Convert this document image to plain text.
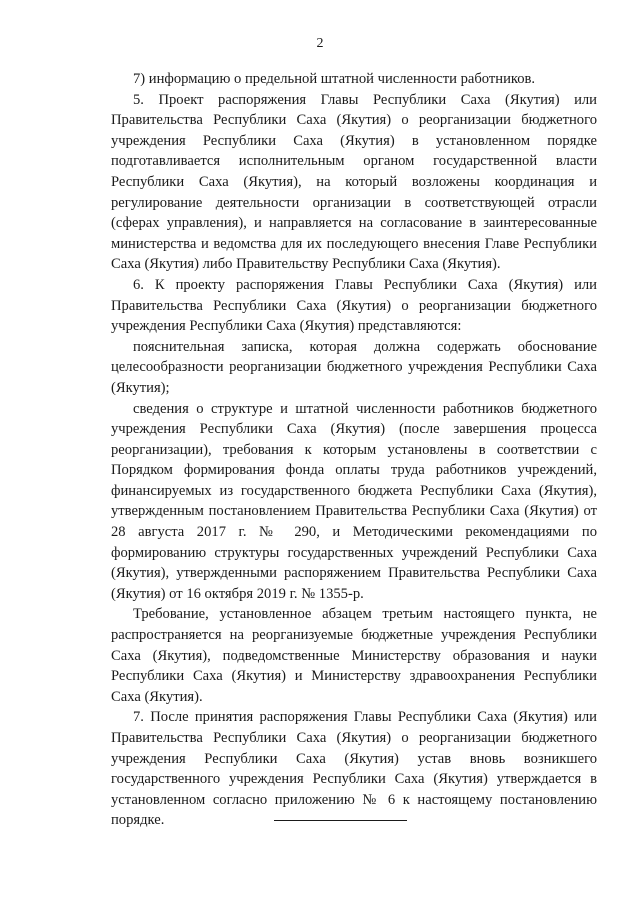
2

7) информацию о предельной штатной численности работников.

5. Проект распоряжения Главы Республики Саха (Якутия) или Правительства Республики Саха (Якутия) о реорганизации бюджетного учреждения Республики Саха (Якутия) в установленном порядке подготавливается исполнительным органом государственной власти Республики Саха (Якутия), на который возложены координация и регулирование деятельности организации в соответствующей отрасли (сферах управления), и направляется на согласование в заинтересованные министерства и ведомства для их последующего внесения Главе Республики Саха (Якутия) либо Правительству Республики Саха (Якутия).

6. К проекту распоряжения Главы Республики Саха (Якутия) или Правительства Республики Саха (Якутия) о реорганизации бюджетного учреждения Республики Саха (Якутия) представляются:

пояснительная записка, которая должна содержать обоснование целесообразности реорганизации бюджетного учреждения Республики Саха (Якутия);

сведения о структуре и штатной численности работников бюджетного учреждения Республики Саха (Якутия) (после завершения процесса реорганизации), требования к которым установлены в соответствии с Порядком формирования фонда оплаты труда работников учреждений, финансируемых из государственного бюджета Республики Саха (Якутия), утвержденным постановлением Правительства Республики Саха (Якутия) от 28 августа 2017 г. № 290, и Методическими рекомендациями по формированию структуры государственных учреждений Республики Саха (Якутия), утвержденными распоряжением Правительства Республики Саха (Якутия) от 16 октября 2019 г. № 1355-р.

Требование, установленное абзацем третьим настоящего пункта, не распространяется на реорганизуемые бюджетные учреждения Республики Саха (Якутия), подведомственные Министерству образования и науки Республики Саха (Якутия) и Министерству здравоохранения Республики Саха (Якутия).

7. После принятия распоряжения Главы Республики Саха (Якутия) или Правительства Республики Саха (Якутия) о реорганизации бюджетного учреждения Республики Саха (Якутия) устав вновь возникшего государственного учреждения Республики Саха (Якутия) утверждается в установленном согласно приложению № 6 к настоящему постановлению порядке.
